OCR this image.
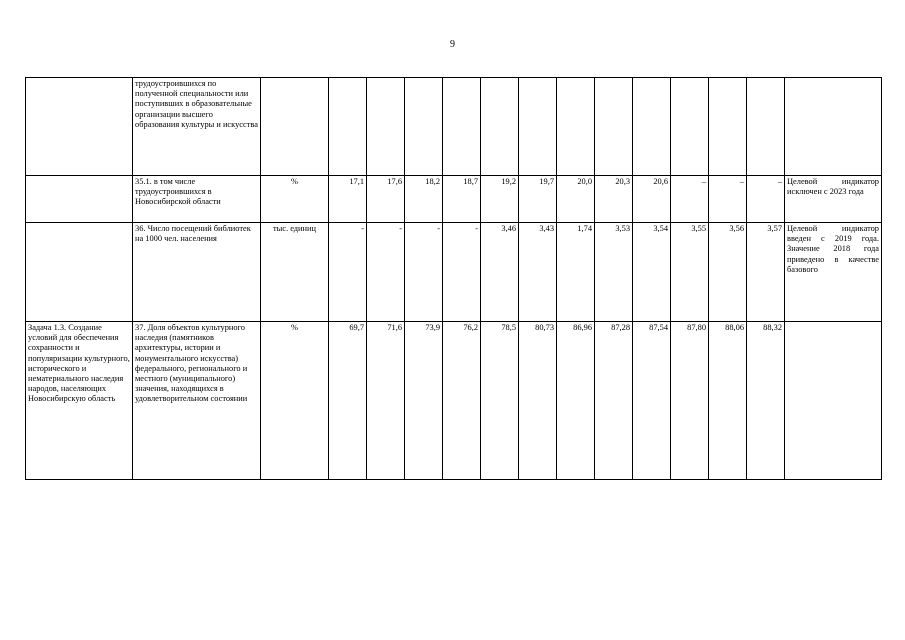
9
	трудоустроившихся по полученной специальности или поступивших в образовательные организации высшего образования культуры и искусства														
	35.1. в том числе трудоустроившихся в Новосибирской области	%	17,1	17,6	18,2	18,7	19,2	19,7	20,0	20,3	20,6	–	–	–	Целевой индикатор исключен с 2023 года
	36. Число посещений библиотек на 1000 чел. населения	тыс. единиц	-	-	-	-	3,46	3,43	1,74	3,53	3,54	3,55	3,56	3,57	Целевой индикатор введен с 2019 года. Значение 2018 года приведено в качестве базового
Задача 1.3. Создание условий для обеспечения сохранности и популяризации культурного, исторического и нематериального наследия народов, населяющих Новосибирскую область	37. Доля объектов культурного наследия (памятников архитектуры, истории и монументального искусства) федерального, регионального и местного (муниципального) значения, находящихся в удовлетворительном состоянии	%	69,7	71,6	73,9	76,2	78,5	80,73	86,96	87,28	87,54	87,80	88,06	88,32	
